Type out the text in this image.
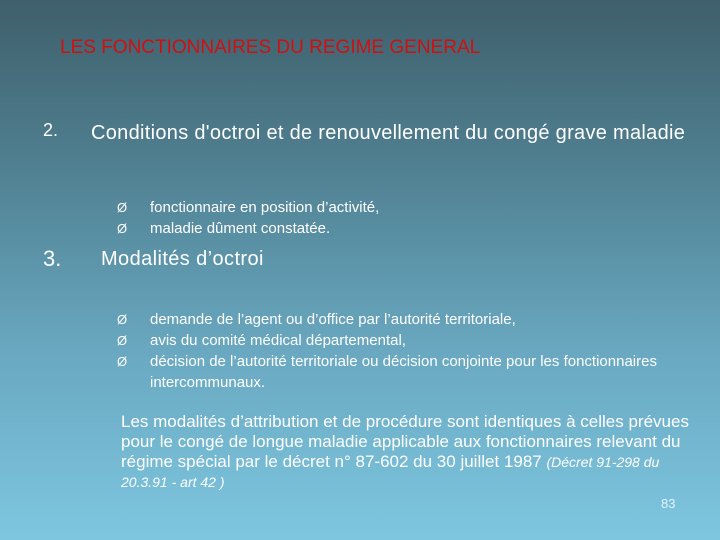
LES FONCTIONNAIRES DU REGIME GENERAL
2. Conditions d'octroi et de renouvellement du congé grave maladie
Ø	fonctionnaire en position d’activité,
Ø	maladie dûment constatée.
3. Modalités d’octroi
Ø	demande de l’agent ou d’office par l’autorité territoriale,
Ø	avis du comité médical départemental,
Ø	décision de l’autorité territoriale ou décision conjointe pour les fonctionnaires intercommunaux.
Les modalités d’attribution et de procédure sont identiques à celles prévues pour le congé de longue maladie applicable aux fonctionnaires relevant du régime spécial par le décret n° 87-602 du 30 juillet 1987 (Décret 91-298 du 20.3.91 - art 42 )
83
